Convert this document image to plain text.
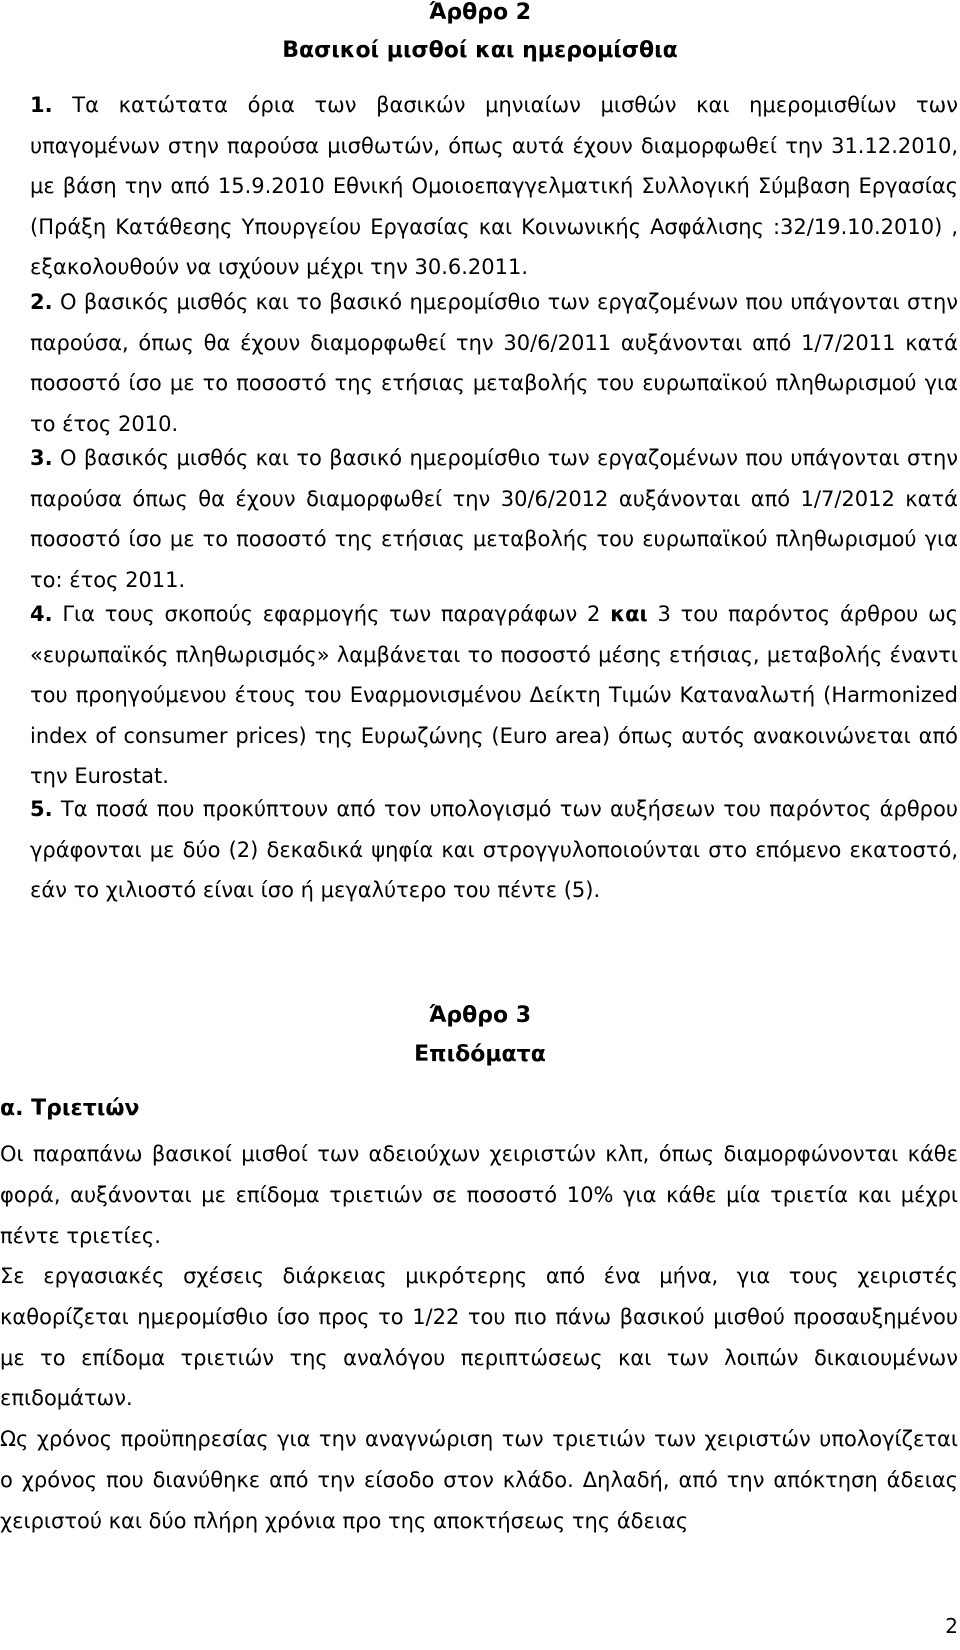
Άρθρο 2
Βασικοί μισθοί και ημερομίσθια

1. Τα κατώτατα όρια των βασικών μηνιαίων μισθών και ημερομισθίων των υπαγομένων στην παρούσα μισθωτών, όπως αυτά έχουν διαμορφωθεί την 31.12.2010, με βάση την από 15.9.2010 Εθνική Ομοιοεπαγγελματική Συλλογική Σύμβαση Εργασίας (Πράξη Κατάθεσης Υπουργείου Εργασίας και Κοινωνικής Ασφάλισης :32/19.10.2010) , εξακολουθούν να ισχύουν μέχρι την 30.6.2011.

2. Ο βασικός μισθός και το βασικό ημερομίσθιο των εργαζομένων που υπάγονται στην παρούσα, όπως θα έχουν διαμορφωθεί την 30/6/2011 αυξάνονται από 1/7/2011 κατά ποσοστό ίσο με το ποσοστό της ετήσιας μεταβολής του ευρωπαϊκού πληθωρισμού για το έτος 2010.

3. Ο βασικός μισθός και το βασικό ημερομίσθιο των εργαζομένων που υπάγονται στην παρούσα όπως θα έχουν διαμορφωθεί την 30/6/2012 αυξάνονται από 1/7/2012 κατά ποσοστό ίσο με το ποσοστό της ετήσιας μεταβολής του ευρωπαϊκού πληθωρισμού για το: έτος 2011.

4. Για τους σκοπούς εφαρμογής των παραγράφων 2 και 3 του παρόντος άρθρου ως «ευρωπαϊκός πληθωρισμός» λαμβάνεται το ποσοστό μέσης ετήσιας, μεταβολής έναντι του προηγούμενου έτους του Εναρμονισμένου Δείκτη Τιμών Καταναλωτή (Harmonized index of consumer prices) της Ευρωζώνης (Euro area) όπως αυτός ανακοινώνεται από την Eurostat.

5. Τα ποσά που προκύπτουν από τον υπολογισμό των αυξήσεων του παρόντος άρθρου γράφονται με δύο (2) δεκαδικά ψηφία και στρογγυλοποιούνται στο επόμενο εκατοστό, εάν το χιλιοστό είναι ίσο ή μεγαλύτερο του πέντε (5).

Άρθρο 3
Επιδόματα
α. Τριετιών

Οι παραπάνω βασικοί μισθοί των αδειούχων χειριστών κλπ, όπως διαμορφώνονται κάθε φορά, αυξάνονται με επίδομα τριετιών σε ποσοστό 10% για κάθε μία τριετία και μέχρι πέντε τριετίες.

Σε εργασιακές σχέσεις διάρκειας μικρότερης από ένα μήνα, για τους χειριστές καθορίζεται ημερομίσθιο ίσο προς το 1/22 του πιο πάνω βασικού μισθού προσαυξημένου με το επίδομα τριετιών της αναλόγου περιπτώσεως και των λοιπών δικαιουμένων επιδομάτων.

Ως χρόνος προϋπηρεσίας για την αναγνώριση των τριετιών των χειριστών υπολογίζεται ο χρόνος που διανύθηκε από την είσοδο στον κλάδο. Δηλαδή, από την απόκτηση άδειας χειριστού και δύο πλήρη χρόνια προ της αποκτήσεως της άδειας

2
